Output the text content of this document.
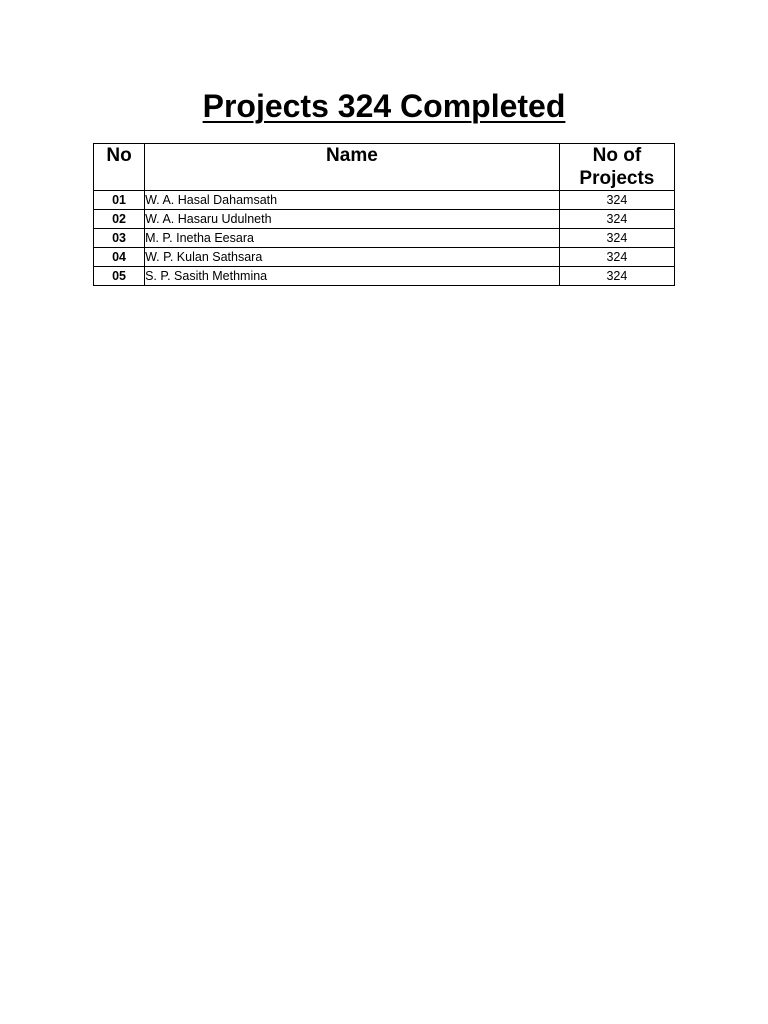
Projects 324 Completed
No	Name	No of Projects
01	W. A. Hasal Dahamsath	324
02	W. A. Hasaru Udulneth	324
03	M. P. Inetha Eesara	324
04	W. P. Kulan Sathsara	324
05	S. P. Sasith Methmina	324
